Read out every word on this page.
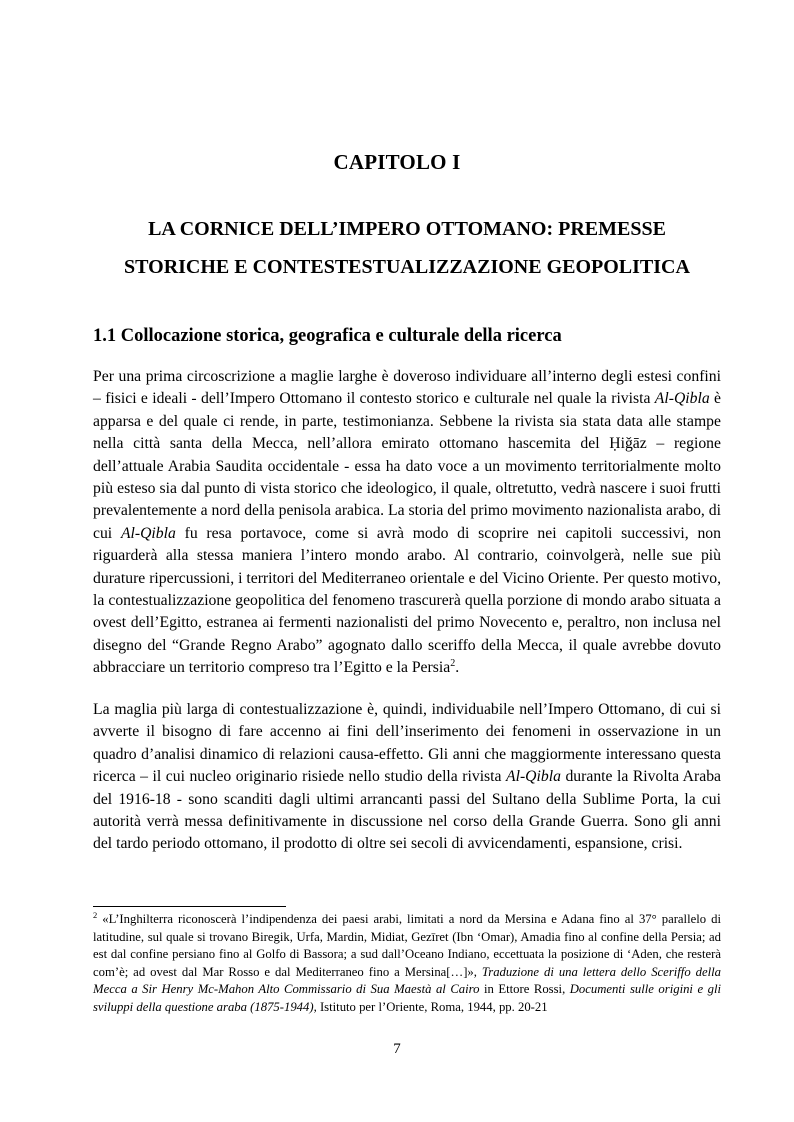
CAPITOLO I
LA CORNICE DELL’IMPERO OTTOMANO: PREMESSE
STORICHE E CONTESTESTUALIZZAZIONE GEOPOLITICA
1.1 Collocazione storica, geografica e culturale della ricerca
Per una prima circoscrizione a maglie larghe è doveroso individuare all’interno degli estesi confini – fisici e ideali - dell’Impero Ottomano il contesto storico e culturale nel quale la rivista Al-Qibla è apparsa e del quale ci rende, in parte, testimonianza. Sebbene la rivista sia stata data alle stampe nella città santa della Mecca, nell’allora emirato ottomano hascemita del Ḥiǧāz – regione dell’attuale Arabia Saudita occidentale - essa ha dato voce a un movimento territorialmente molto più esteso sia dal punto di vista storico che ideologico, il quale, oltretutto, vedrà nascere i suoi frutti prevalentemente a nord della penisola arabica. La storia del primo movimento nazionalista arabo, di cui Al-Qibla fu resa portavoce, come si avrà modo di scoprire nei capitoli successivi, non riguarderà alla stessa maniera l’intero mondo arabo. Al contrario, coinvolgerà, nelle sue più durature ripercussioni, i territori del Mediterraneo orientale e del Vicino Oriente. Per questo motivo, la contestualizzazione geopolitica del fenomeno trascurerà quella porzione di mondo arabo situata a ovest dell’Egitto, estranea ai fermenti nazionalisti del primo Novecento e, peraltro, non inclusa nel disegno del “Grande Regno Arabo” agognato dallo sceriffo della Mecca, il quale avrebbe dovuto abbracciare un territorio compreso tra l’Egitto e la Persia$^2$.
La maglia più larga di contestualizzazione è, quindi, individuabile nell’Impero Ottomano, di cui si avverte il bisogno di fare accenno ai fini dell’inserimento dei fenomeni in osservazione in un quadro d’analisi dinamico di relazioni causa-effetto. Gli anni che maggiormente interessano questa ricerca – il cui nucleo originario risiede nello studio della rivista Al-Qibla durante la Rivolta Araba del 1916-18 - sono scanditi dagli ultimi arrancanti passi del Sultano della Sublime Porta, la cui autorità verrà messa definitivamente in discussione nel corso della Grande Guerra. Sono gli anni del tardo periodo ottomano, il prodotto di oltre sei secoli di avvicendamenti, espansione, crisi.
$^2$ «L’Inghilterra riconoscerà l’indipendenza dei paesi arabi, limitati a nord da Mersina e Adana fino al 37° parallelo di latitudine, sul quale si trovano Biregik, Urfa, Mardin, Midiat, Gezīret (Ibn ‘Omar), Amadia fino al confine della Persia; ad est dal confine persiano fino al Golfo di Bassora; a sud dall’Oceano Indiano, eccettuata la posizione di ‘Aden, che resterà com’è; ad ovest dal Mar Rosso e dal Mediterraneo fino a Mersina[…]», Traduzione di una lettera dello Sceriffo della Mecca a Sir Henry Mc-Mahon Alto Commissario di Sua Maestà al Cairo in Ettore Rossi, Documenti sulle origini e gli sviluppi della questione araba (1875-1944), Istituto per l’Oriente, Roma, 1944, pp. 20-21
7
